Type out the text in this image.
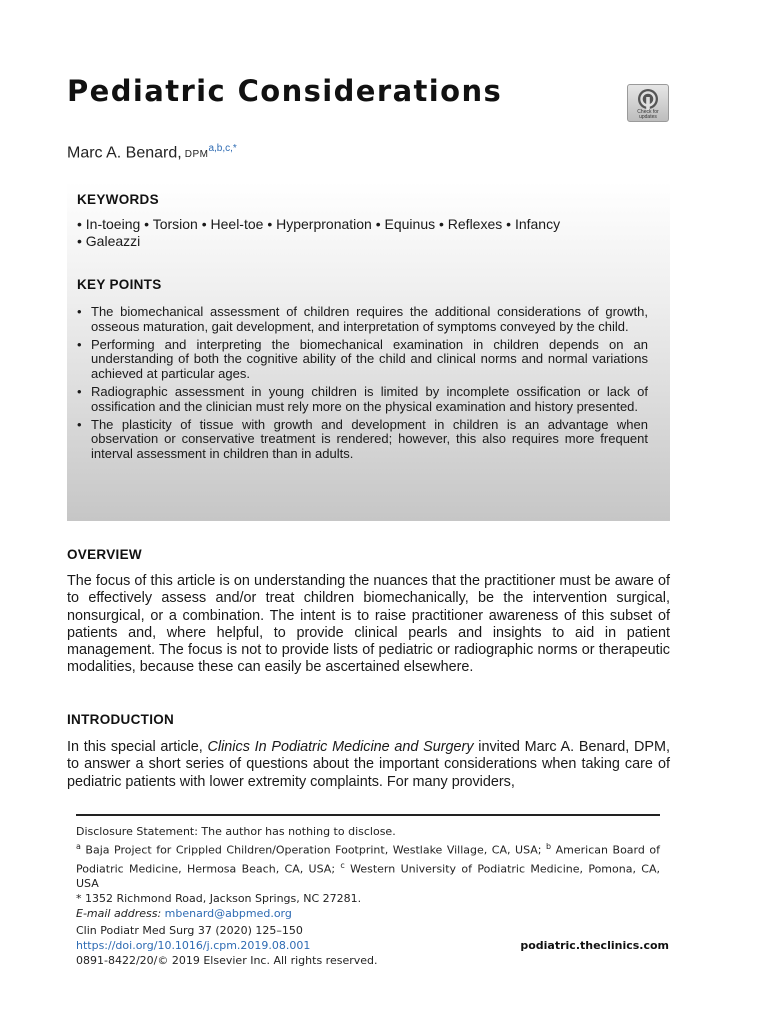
Pediatric Considerations
Check for
updates
Marc A. Benard, $DPM^{a,b,c,*}$
KEYWORDS
• In-toeing • Torsion • Heel-toe • Hyperpronation • Equinus • Reflexes • Infancy
• Galeazzi
KEY POINTS
• The biomechanical assessment of children requires the additional considerations of growth, osseous maturation, gait development, and interpretation of symptoms conveyed by the child.
• Performing and interpreting the biomechanical examination in children depends on an understanding of both the cognitive ability of the child and clinical norms and normal variations achieved at particular ages.
• Radiographic assessment in young children is limited by incomplete ossification or lack of ossification and the clinician must rely more on the physical examination and history presented.
• The plasticity of tissue with growth and development in children is an advantage when observation or conservative treatment is rendered; however, this also requires more frequent interval assessment in children than in adults.
OVERVIEW

The focus of this article is on understanding the nuances that the practitioner must be aware of to effectively assess and/or treat children biomechanically, be the intervention surgical, nonsurgical, or a combination. The intent is to raise practitioner awareness of this subset of patients and, where helpful, to provide clinical pearls and insights to aid in patient management. The focus is not to provide lists of pediatric or radiographic norms or therapeutic modalities, because these can easily be ascertained elsewhere.

INTRODUCTION

In this special article, Clinics In Podiatric Medicine and Surgery invited Marc A. Benard, DPM, to answer a short series of questions about the important considerations when taking care of pediatric patients with lower extremity complaints. For many providers,

Disclosure Statement: The author has nothing to disclose.

$^a$ Baja Project for Crippled Children/Operation Footprint, Westlake Village, CA, USA; $^b$ American Board of Podiatric Medicine, Hermosa Beach, CA, USA; $^c$ Western University of Podiatric Medicine, Pomona, CA, USA

* 1352 Richmond Road, Jackson Springs, NC 27281.

E-mail address: mbenard@abpmed.org

Clin Podiatr Med Surg 37 (2020) 125–150

https://doi.org/10.1016/j.cpm.2019.08.001

0891-8422/20/© 2019 Elsevier Inc. All rights reserved.

podiatric.theclinics.com
